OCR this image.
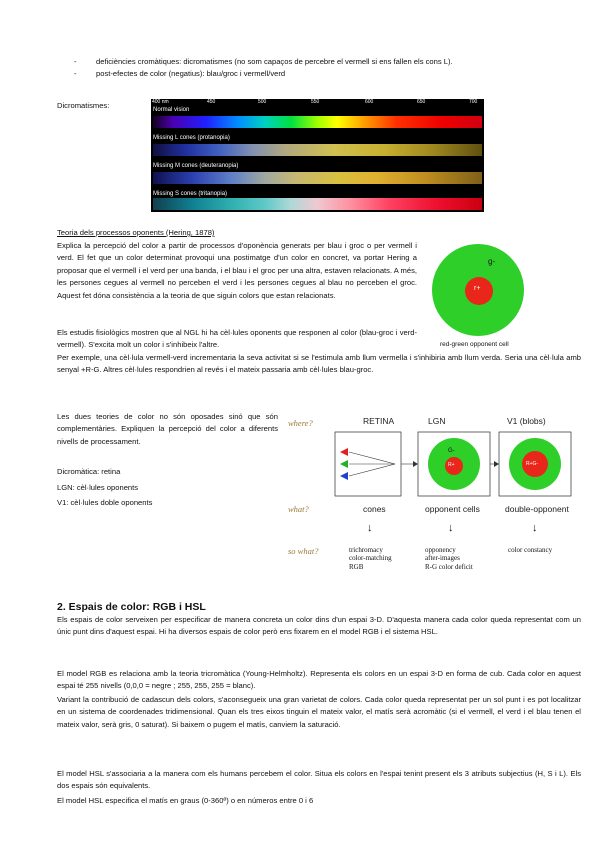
- deficiències cromàtiques: dicromatismes (no som capaços de percebre el vermell si ens fallen els cons L).
- post-efectes de color (negatius): blau/groc i vermell/verd
Dicromatismes:	400 nm	450	500	550	600	650	700
Normal vision
Missing L cones (protanopia)
Missing M cones (deuteranopia)
Missing S cones (tritanopia)
Teoria dels processos oponents (Hering, 1878)
Explica la percepció del color a partir de processos d'oponència generats per blau i groc o per vermell i verd. El fet que un color determinat provoqui una postimatge d'un color en concret, va portar Hering a proposar que el vermell i el verd per una banda, i el blau i el groc per una altra, estaven relacionats. A més, les persones cegues al vermell no perceben el verd i les persones cegues al blau no perceben el groc. Aquest fet dóna consistència a la teoria de que siguin colors que estan relacionats.
Els estudis fisiològics mostren que al NGL hi ha cèl·lules oponents que responen al color (blau-groc i verd-vermell). S'excita molt un color i s'inhibeix l'altre.
Per exemple, una cèl·lula vermell-verd incrementaria la seva activitat si se l'estimula amb llum vermella i s'inhibiria amb llum verda. Seria una cèl·lula amb senyal +R-G. Altres cèl·lules respondrien al revés i el mateix passaria amb cèl·lules blau-groc.
g-
r+
red-green opponent cell
Les dues teories de color no són oposades sinó que són complementàries. Expliquen la percepció del color a diferents nivells de processament.
Dicromàtica: retina
LGN: cèl·lules oponents
V1: cèl·lules doble oponents
where?
what?
so what?
RETINA	LGN	V1 (blobs)
G-
R+	R+G-
cones	opponent cells	double-opponent
↓	↓	↓
trichromacy
color-matching
RGB
opponency
after-images
R-G color deficit
color constancy
2. Espais de color: RGB i HSL
Els espais de color serveixen per especificar de manera concreta un color dins d'un espai 3-D. D'aquesta manera cada color queda representat com un únic punt dins d'aquest espai. Hi ha diversos espais de color però ens fixarem en el model RGB i el sistema HSL.
El model RGB es relaciona amb la teoria tricromàtica (Young-Helmholtz). Representa els colors en un espai 3-D en forma de cub. Cada color en aquest espai té 255 nivells (0,0,0 = negre ; 255, 255, 255 = blanc).
Variant la contribució de cadascun dels colors, s'aconsegueix una gran varietat de colors. Cada color queda representat per un sol punt i es pot localitzar en un sistema de coordenades tridimensional. Quan els tres eixos tinguin el mateix valor, el matís serà acromàtic (si el vermell, el verd i el blau tenen el mateix valor, serà gris, 0 saturat). Si baixem o pugem el matís, canviem la saturació.
El model HSL s'associaria a la manera com els humans percebem el color. Situa els colors en l'espai tenint present els 3 atributs subjectius (H, S i L). Els dos espais són equivalents.
El model HSL especifica el matís en graus (0-360º) o en números entre 0 i 6
